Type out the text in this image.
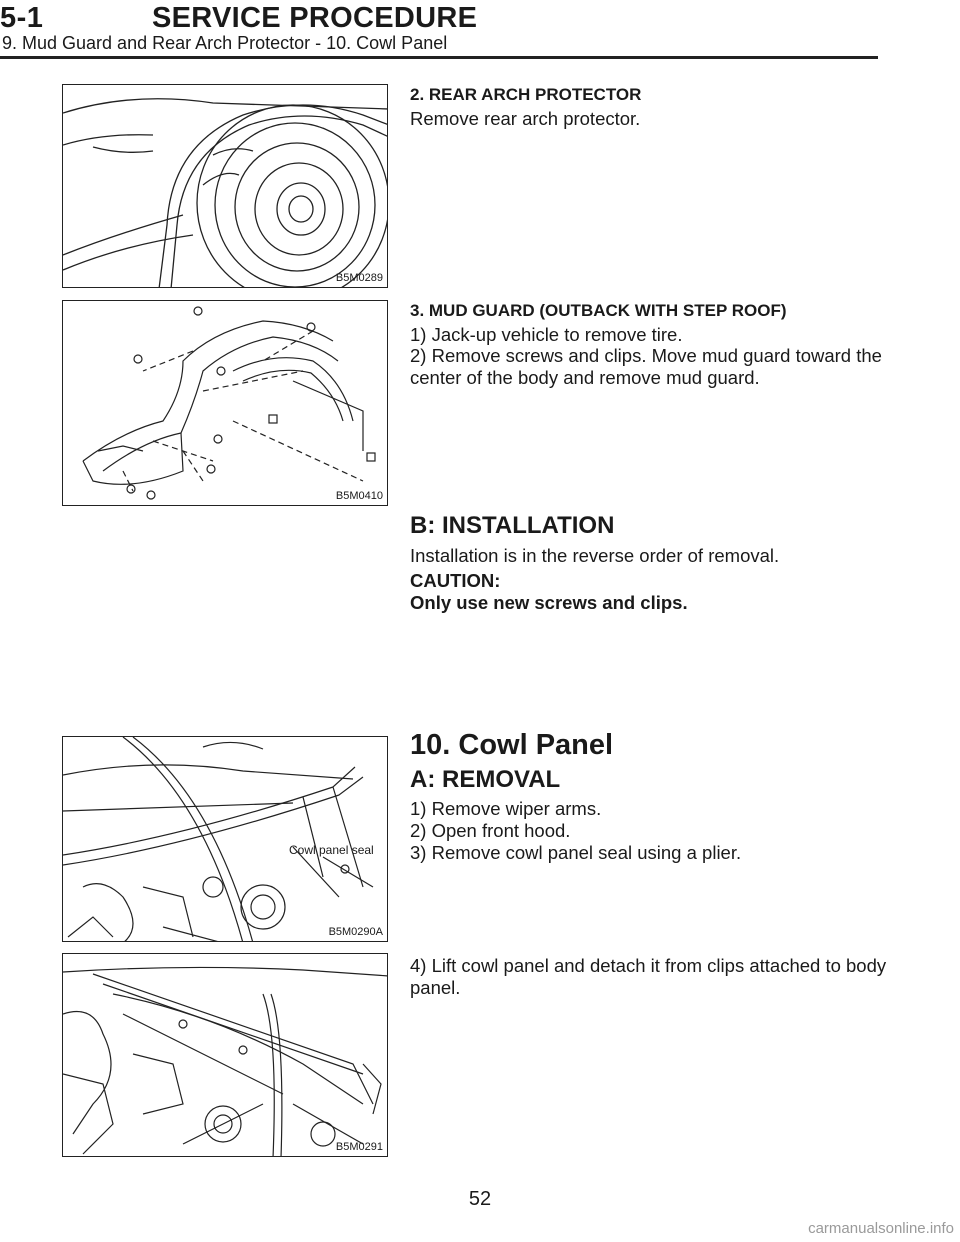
5-1	SERVICE PROCEDURE
9. Mud Guard and Rear Arch Protector - 10. Cowl Panel
B5M0289
B5M0410
Cowl panel seal
B5M0290A
B5M0291
2. REAR ARCH PROTECTOR
Remove rear arch protector.
3. MUD GUARD (OUTBACK WITH STEP ROOF)
1) Jack-up vehicle to remove tire.
2) Remove screws and clips. Move mud guard toward the
center of the body and remove mud guard.
B: INSTALLATION
Installation is in the reverse order of removal.
CAUTION:
Only use new screws and clips.
10. Cowl Panel
A: REMOVAL
1) Remove wiper arms.
2) Open front hood.
3) Remove cowl panel seal using a plier.
4) Lift cowl panel and detach it from clips attached to body
panel.
52
carmanualsonline.info
